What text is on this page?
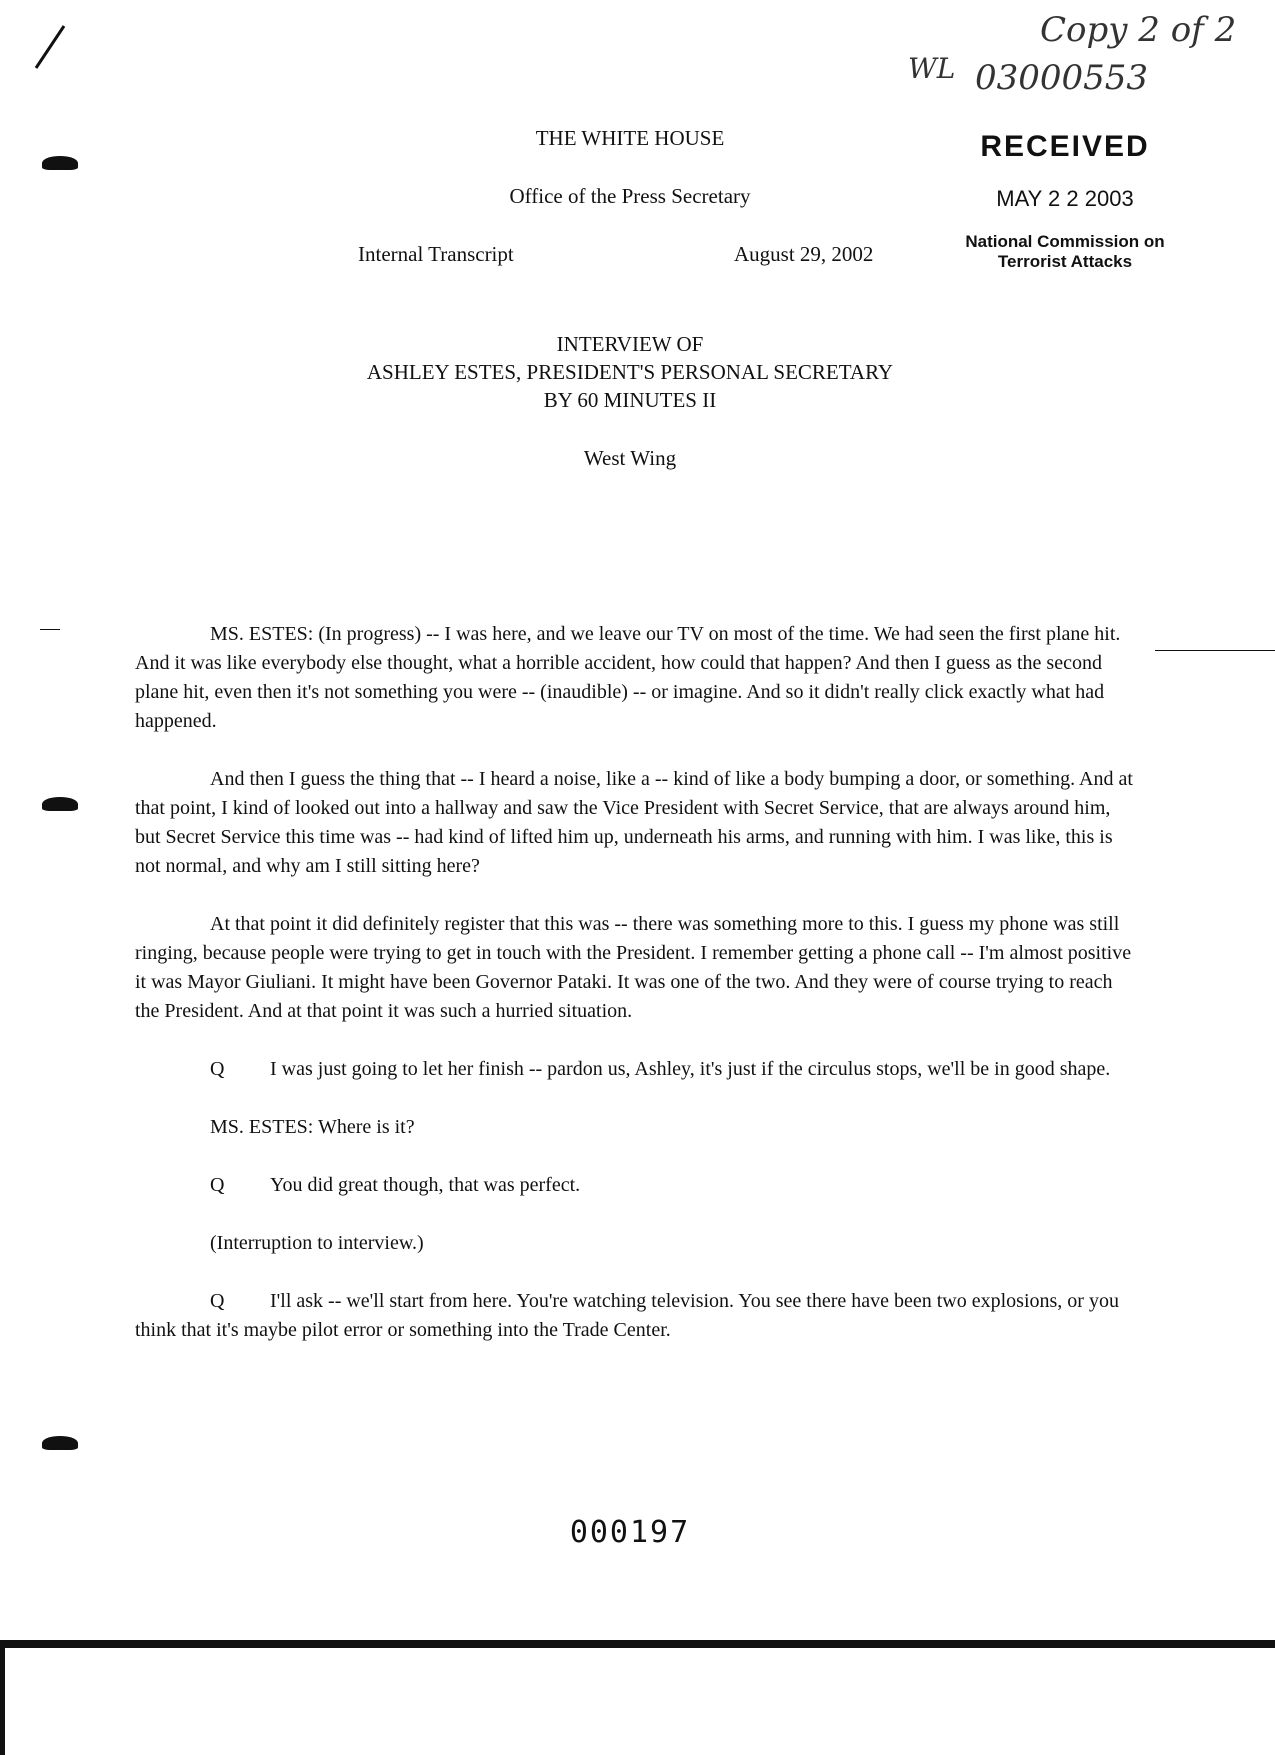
Copy 2 of 2
WL 03000553
RECEIVED
MAY 2 2 2003
National Commission on
Terrorist Attacks
THE WHITE HOUSE
Office of the Press Secretary
Internal Transcript	August 29, 2002
INTERVIEW OF
ASHLEY ESTES, PRESIDENT'S PERSONAL SECRETARY
BY 60 MINUTES II
West Wing

MS. ESTES: (In progress) -- I was here, and we leave our TV on most of the time. We had seen the first plane hit. And it was like everybody else thought, what a horrible accident, how could that happen? And then I guess as the second plane hit, even then it's not something you were -- (inaudible) -- or imagine. And so it didn't really click exactly what had happened.

And then I guess the thing that -- I heard a noise, like a -- kind of like a body bumping a door, or something. And at that point, I kind of looked out into a hallway and saw the Vice President with Secret Service, that are always around him, but Secret Service this time was -- had kind of lifted him up, underneath his arms, and running with him. I was like, this is not normal, and why am I still sitting here?

At that point it did definitely register that this was -- there was something more to this. I guess my phone was still ringing, because people were trying to get in touch with the President. I remember getting a phone call -- I'm almost positive it was Mayor Giuliani. It might have been Governor Pataki. It was one of the two. And they were of course trying to reach the President. And at that point it was such a hurried situation.

Q I was just going to let her finish -- pardon us, Ashley, it's just if the circulus stops, we'll be in good shape.

MS. ESTES: Where is it?

Q You did great though, that was perfect.

(Interruption to interview.)

Q I'll ask -- we'll start from here. You're watching television. You see there have been two explosions, or you think that it's maybe pilot error or something into the Trade Center.

000197
